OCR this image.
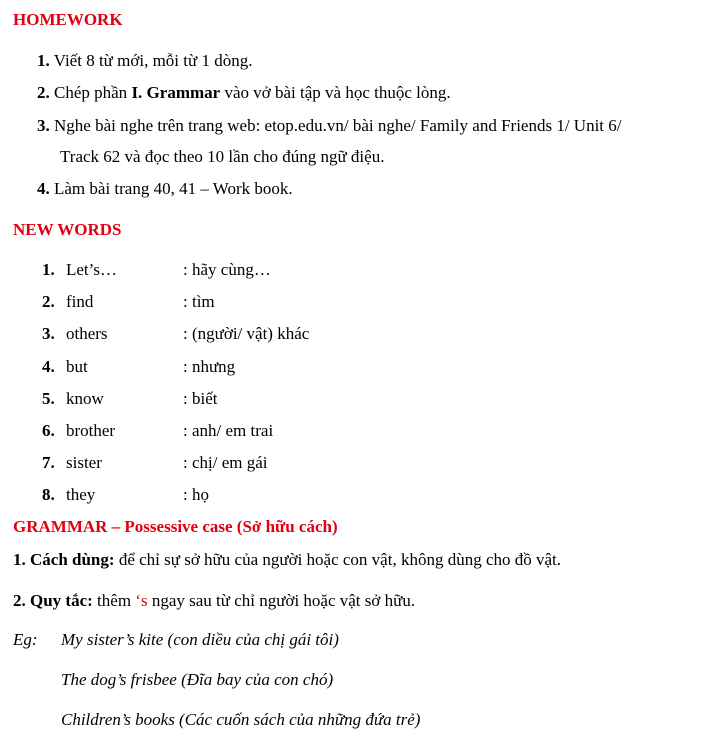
HOMEWORK
1. Viết 8 từ mới, mỗi từ 1 dòng.
2. Chép phần I. Grammar vào vở bài tập và học thuộc lòng.
3. Nghe bài nghe trên trang web: etop.edu.vn/ bài nghe/ Family and Friends 1/ Unit 6/
Track 62 và đọc theo 10 lần cho đúng ngữ điệu.
4. Làm bài trang 40, 41 – Work book.
NEW WORDS
1. Let’s…	: hãy cùng…
2. find	: tìm
3. others	: (người/ vật) khác
4. but	: nhưng
5. know	: biết
6. brother	: anh/ em trai
7. sister	: chị/ em gái
8. they	: họ
GRAMMAR – Possessive case (Sở hữu cách)
1. Cách dùng: để chỉ sự sở hữu của người hoặc con vật, không dùng cho đồ vật.
2. Quy tắc: thêm ‘s ngay sau từ chỉ người hoặc vật sở hữu.
Eg: My sister’s kite (con diều của chị gái tôi)
The dog’s frisbee (Đĩa bay của con chó)
Children’s books (Các cuốn sách của những đứa trẻ)
